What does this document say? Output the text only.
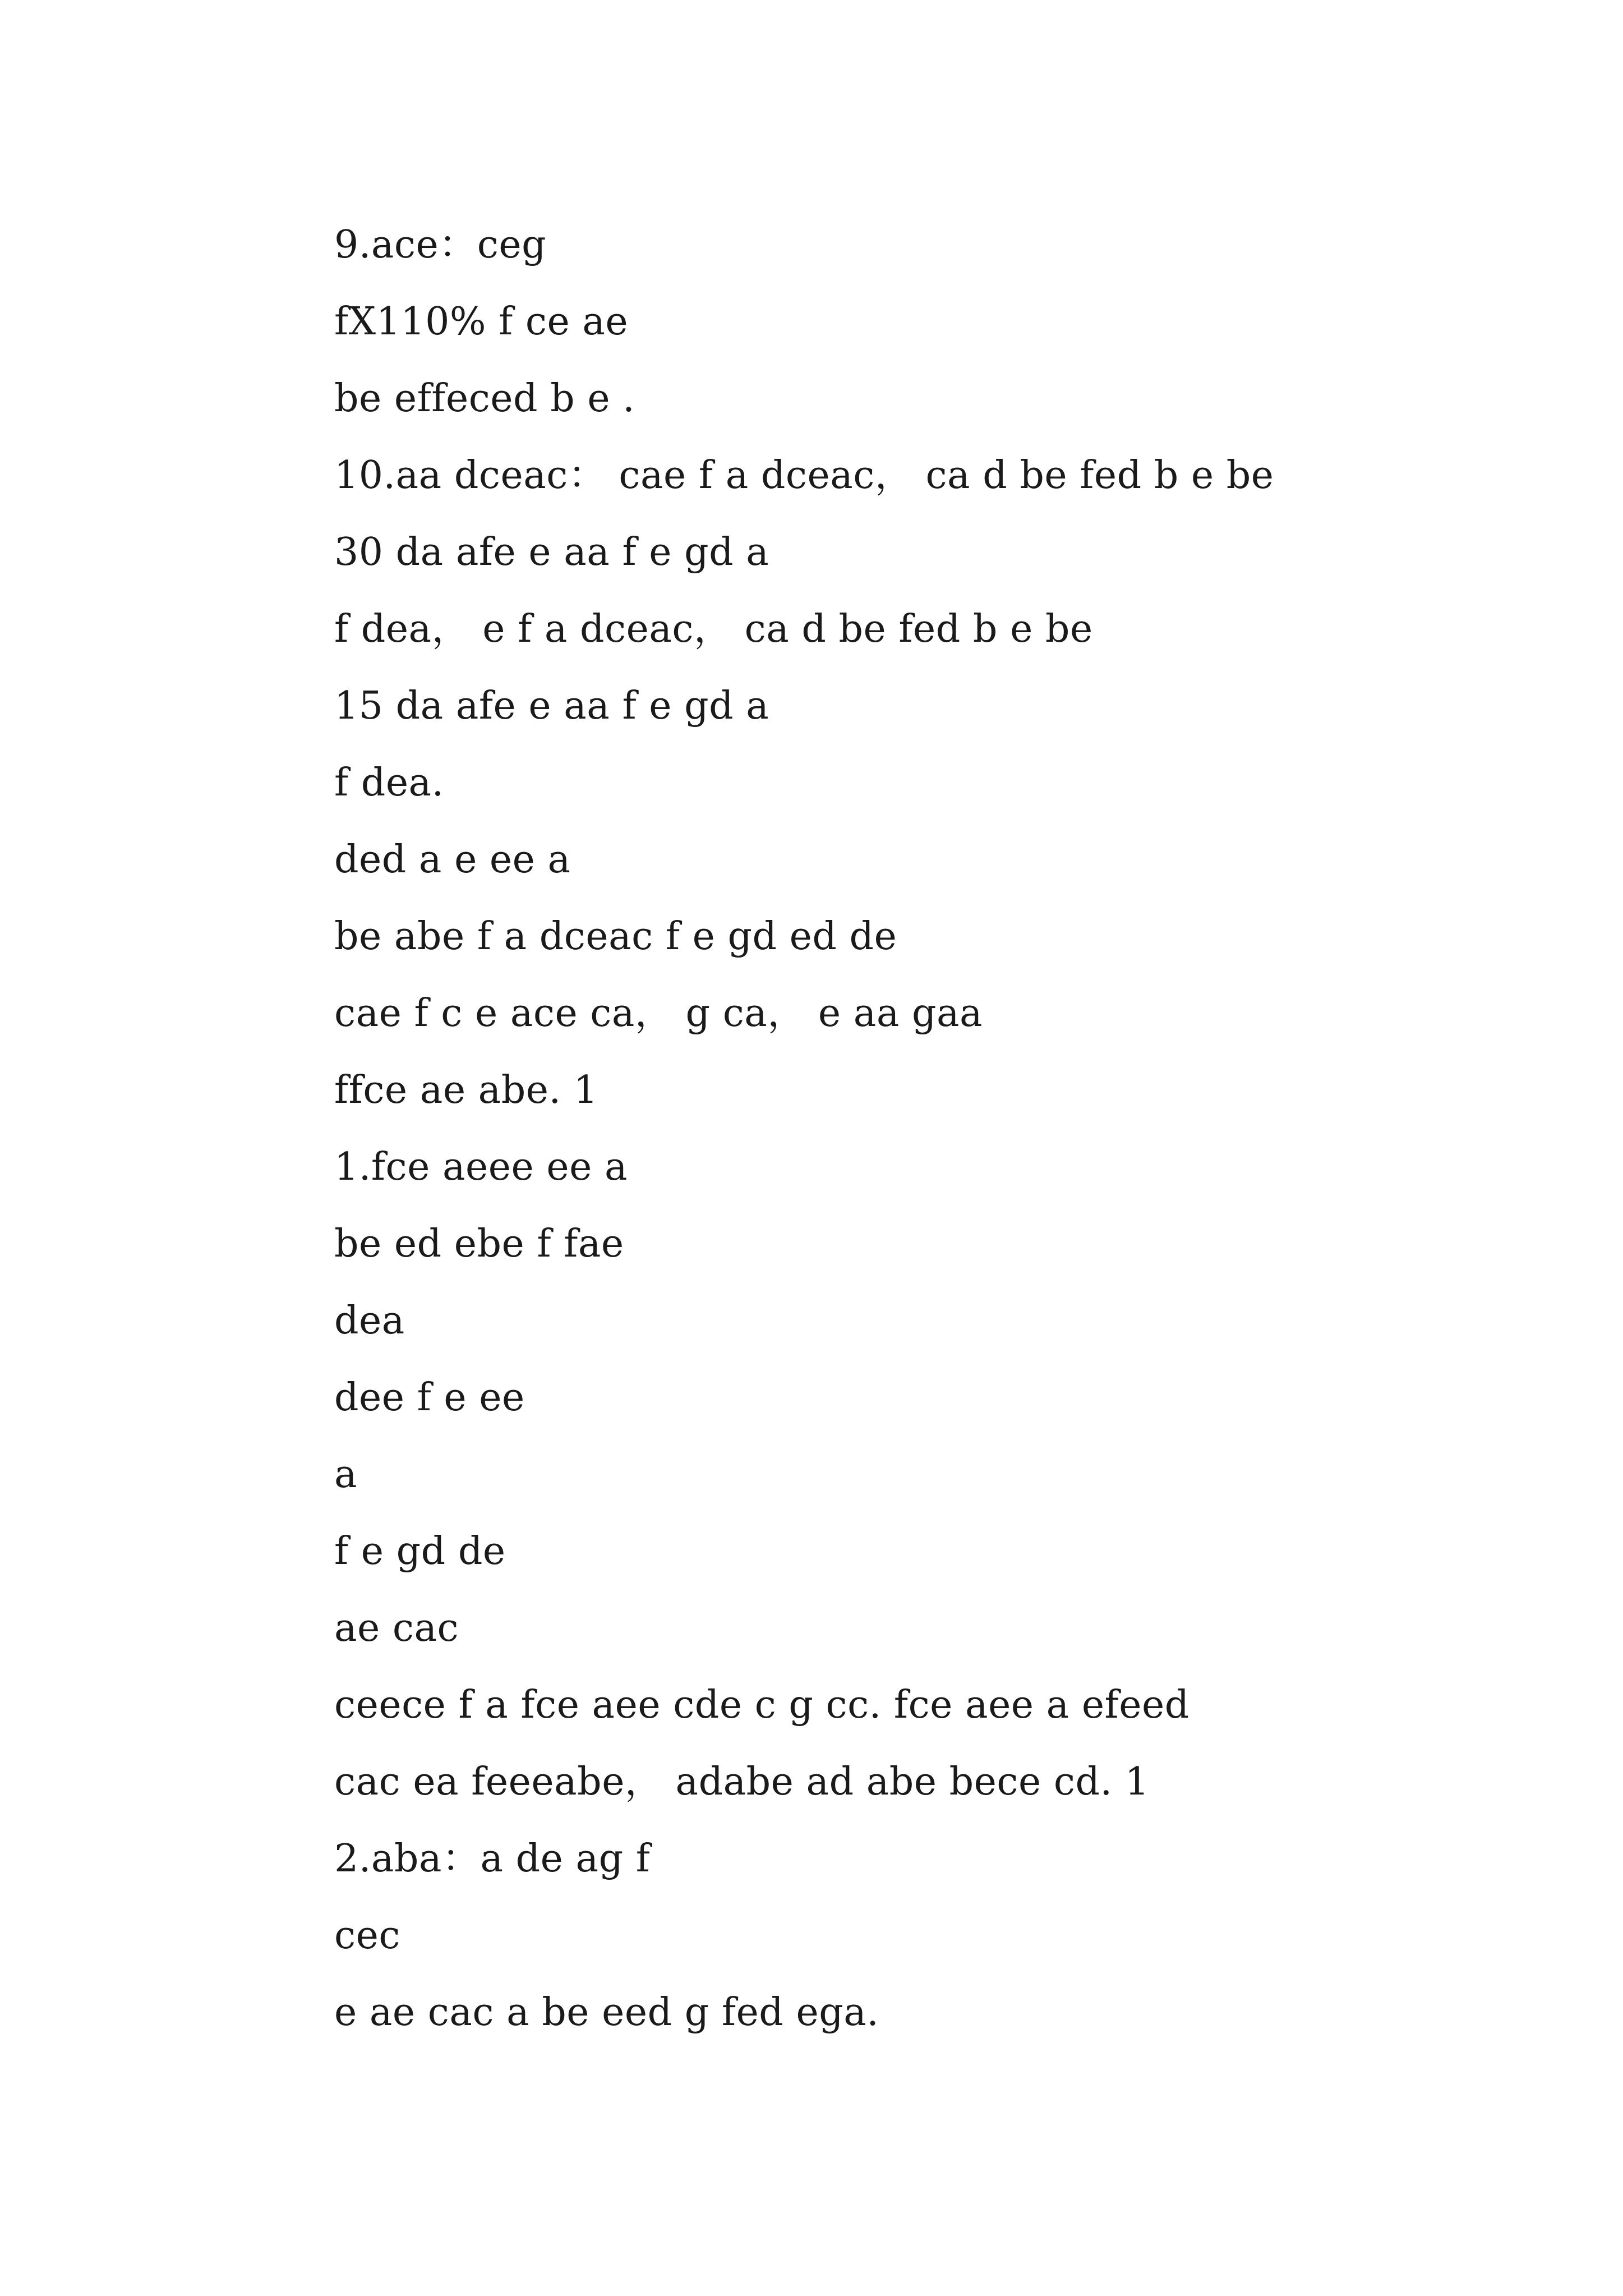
9.ace：ceg
fX110% f ce ae
be effeced b e .
10.aa dceac： cae f a dceac， ca d be fed b e be
30 da afe e aa f e gd a
f dea， e f a dceac， ca d be fed b e be
15 da afe e aa f e gd a
f dea.
ded a e ee a
be abe f a dceac f e gd ed de
cae f c e ace ca， g ca， e aa gaa
ffce ae abe. 1
1.fce aeee ee a
be ed ebe f fae
dea
dee f e ee
a
f e gd de
ae cac
ceece f a fce aee cde c g cc. fce aee a efeed
cac ea feeeabe， adabe ad abe bece cd. 1
2.aba：a de ag f
cec
e ae cac a be eed g fed ega.
